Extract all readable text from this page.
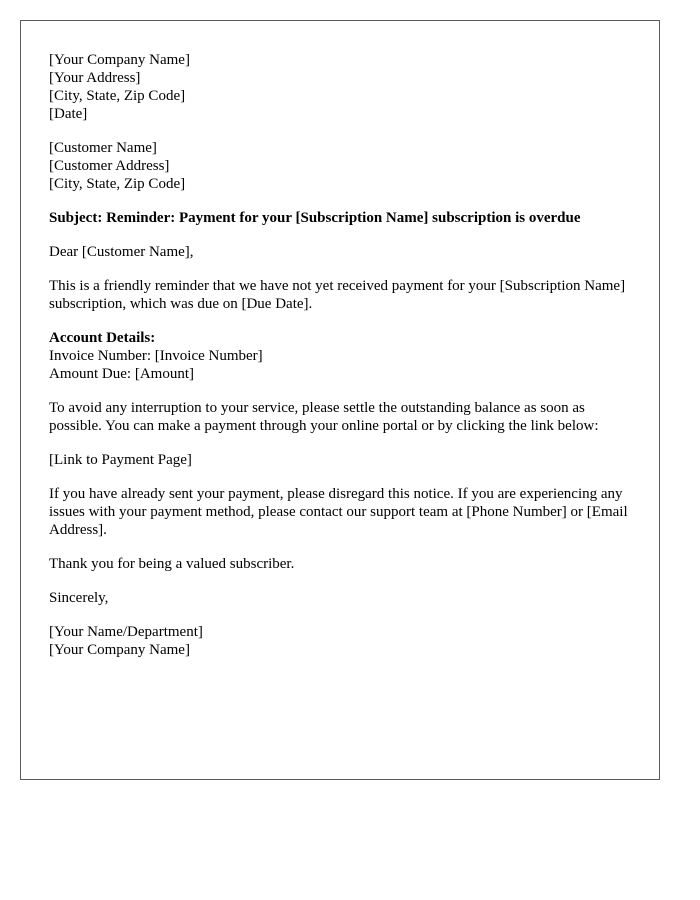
[Your Company Name]
[Your Address]
[City, State, Zip Code]
[Date]
[Customer Name]
[Customer Address]
[City, State, Zip Code]
Subject: Reminder: Payment for your [Subscription Name] subscription is overdue
Dear [Customer Name],
This is a friendly reminder that we have not yet received payment for your [Subscription Name] subscription, which was due on [Due Date].
Account Details:
Invoice Number: [Invoice Number]
Amount Due: [Amount]
To avoid any interruption to your service, please settle the outstanding balance as soon as possible. You can make a payment through your online portal or by clicking the link below:
[Link to Payment Page]
If you have already sent your payment, please disregard this notice. If you are experiencing any issues with your payment method, please contact our support team at [Phone Number] or [Email Address].
Thank you for being a valued subscriber.
Sincerely,
[Your Name/Department]
[Your Company Name]
